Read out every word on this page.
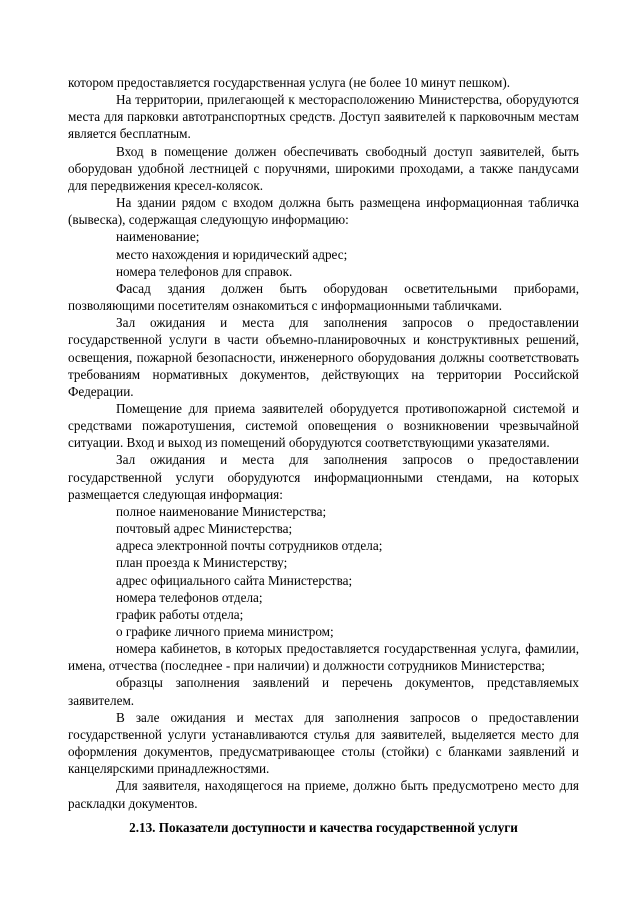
котором предоставляется государственная услуга (не более 10 минут пешком).

На территории, прилегающей к месторасположению Министерства, оборудуются места для парковки автотранспортных средств. Доступ заявителей к парковочным местам является бесплатным.

Вход в помещение должен обеспечивать свободный доступ заявителей, быть оборудован удобной лестницей с поручнями, широкими проходами, а также пандусами для передвижения кресел-колясок.

На здании рядом с входом должна быть размещена информационная табличка (вывеска), содержащая следующую информацию:

наименование;

место нахождения и юридический адрес;

номера телефонов для справок.

Фасад здания должен быть оборудован осветительными приборами, позволяющими посетителям ознакомиться с информационными табличками.

Зал ожидания и места для заполнения запросов о предоставлении государственной услуги в части объемно-планировочных и конструктивных решений, освещения, пожарной безопасности, инженерного оборудования должны соответствовать требованиям нормативных документов, действующих на территории Российской Федерации.

Помещение для приема заявителей оборудуется противопожарной системой и средствами пожаротушения, системой оповещения о возникновении чрезвычайной ситуации. Вход и выход из помещений оборудуются соответствующими указателями.

Зал ожидания и места для заполнения запросов о предоставлении государственной услуги оборудуются информационными стендами, на которых размещается следующая информация:

полное наименование Министерства;

почтовый адрес Министерства;

адреса электронной почты сотрудников отдела;

план проезда к Министерству;

адрес официального сайта Министерства;

номера телефонов отдела;

график работы отдела;

о графике личного приема министром;

номера кабинетов, в которых предоставляется государственная услуга, фамилии, имена, отчества (последнее - при наличии) и должности сотрудников Министерства;

образцы заполнения заявлений и перечень документов, представляемых заявителем.

В зале ожидания и местах для заполнения запросов о предоставлении государственной услуги устанавливаются стулья для заявителей, выделяется место для оформления документов, предусматривающее столы (стойки) с бланками заявлений и канцелярскими принадлежностями.

Для заявителя, находящегося на приеме, должно быть предусмотрено место для раскладки документов.

2.13. Показатели доступности и качества государственной услуги
